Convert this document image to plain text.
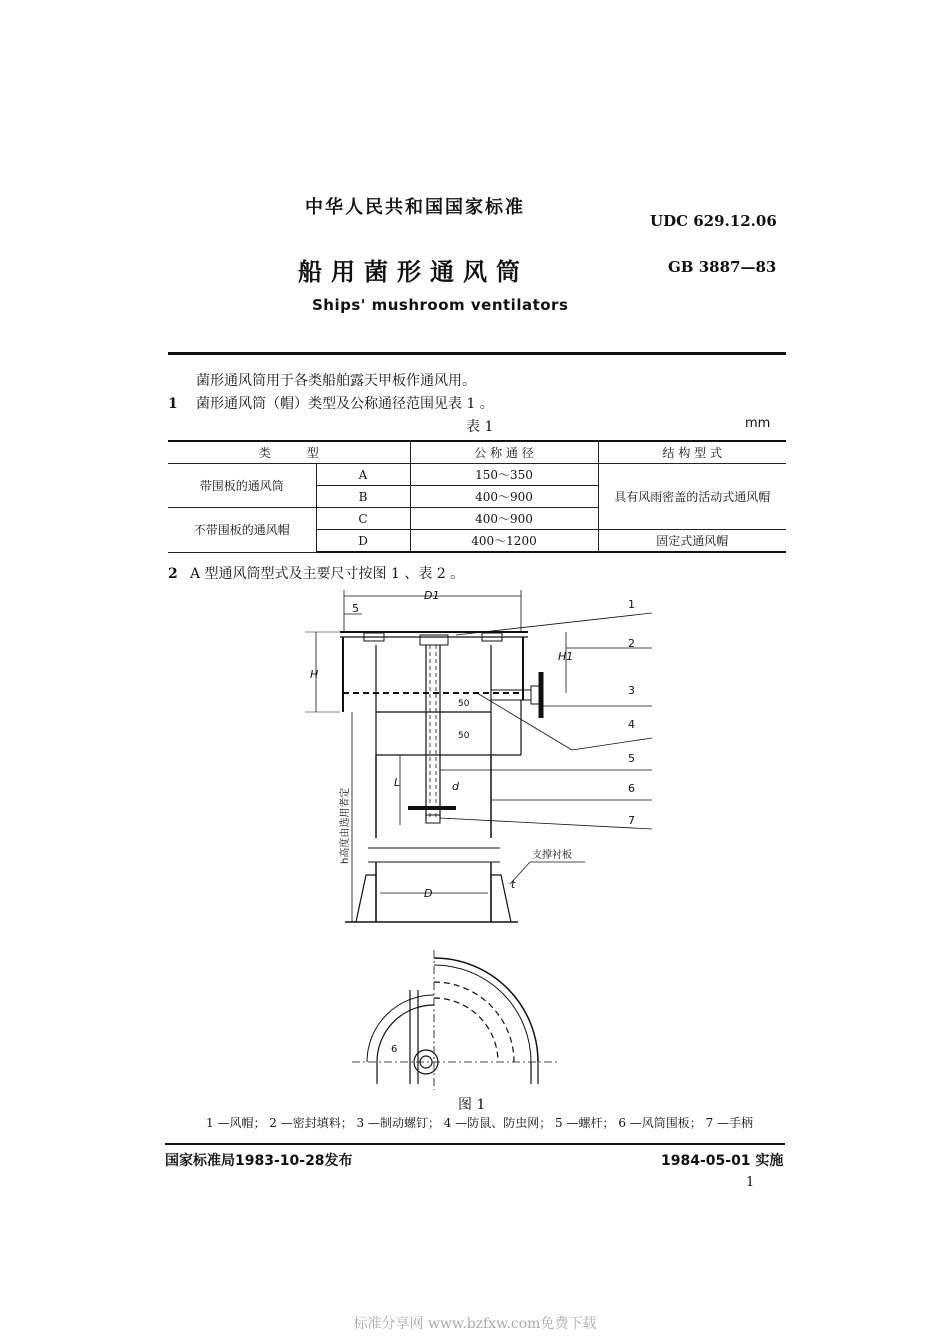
中华人民共和国国家标准
UDC 629.12.06
船用菌形通风筒	GB 3887—83
Ships' mushroom ventilators
菌形通风筒用于各类船舶露天甲板作通风用。
1 菌形通风筒（帽）类型及公称通径范围见表 1 。
表 1	mm
类　　　型		公 称 通 径	结 构 型 式
带围板的通风筒	A	150～350	具有风雨密盖的活动式通风帽
	B	400～900	
不带围板的通风帽	C	400～900	
	D	400～1200	固定式通风帽
2 A 型通风筒型式及主要尺寸按图 1 、表 2 。
D1
5
H
H1
50
50
L	d
D
t
6
支撑衬板
h高度由选用者定
1
2
3
4
5
6
7
图 1
1 —风帽； 2 —密封填料； 3 —制动螺钉； 4 —防鼠、防虫网； 5 —螺杆； 6 —风筒围板； 7 —手柄
国家标准局1983-10-28发布	1984-05-01 实施
1
标准分享网 www.bzfxw.com免费下载
